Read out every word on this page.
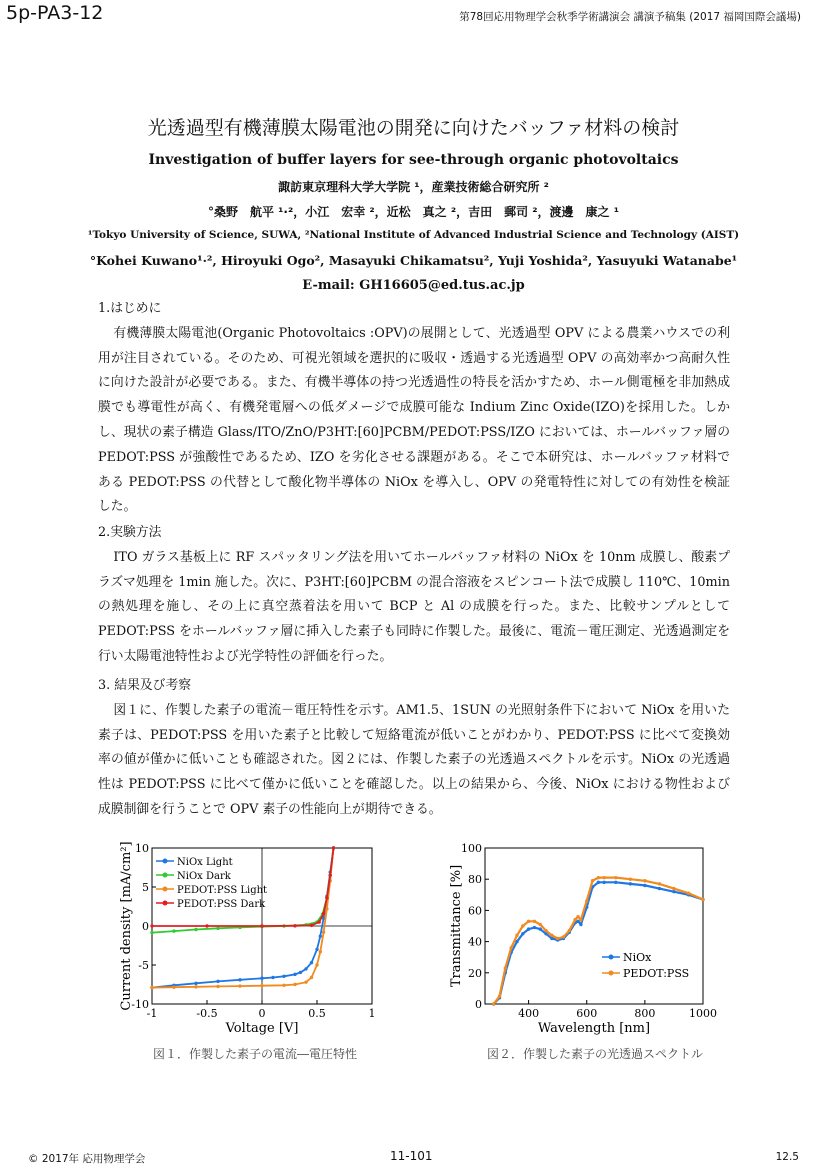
5p-PA3-12	第78回応用物理学会秋季学術講演会 講演予稿集 (2017 福岡国際会議場)
光透過型有機薄膜太陽電池の開発に向けたバッファ材料の検討
Investigation of buffer layers for see-through organic photovoltaics
諏訪東京理科大学大学院 ¹，産業技術総合研究所 ²
°桑野　航平 ¹·²，小江　宏幸 ²，近松　真之 ²，吉田　郵司 ²，渡邊　康之 ¹
¹Tokyo University of Science, SUWA, ²National Institute of Advanced Industrial Science and Technology (AIST)
°Kohei Kuwano¹·², Hiroyuki Ogo², Masayuki Chikamatsu², Yuji Yoshida², Yasuyuki Watanabe¹
E-mail: GH16605@ed.tus.ac.jp
1.はじめに
有機薄膜太陽電池(Organic Photovoltaics :OPV)の展開として、光透過型 OPV による農業ハウスでの利用が注目されている。そのため、可視光領域を選択的に吸収・透過する光透過型 OPV の高効率かつ高耐久性に向けた設計が必要である。また、有機半導体の持つ光透過性の特長を活かすため、ホール側電極を非加熱成膜でも導電性が高く、有機発電層への低ダメージで成膜可能な Indium Zinc Oxide(IZO)を採用した。しかし、現状の素子構造 Glass/ITO/ZnO/P3HT:[60]PCBM/PEDOT:PSS/IZO においては、ホールバッファ層の PEDOT:PSS が強酸性であるため、IZO を劣化させる課題がある。そこで本研究は、ホールバッファ材料である PEDOT:PSS の代替として酸化物半導体の NiOx を導入し、OPV の発電特性に対しての有効性を検証した。
2.実験方法
ITO ガラス基板上に RF スパッタリング法を用いてホールバッファ材料の NiOx を 10nm 成膜し、酸素プラズマ処理を 1min 施した。次に、P3HT:[60]PCBM の混合溶液をスピンコート法で成膜し 110℃、10min の熱処理を施し、その上に真空蒸着法を用いて BCP と Al の成膜を行った。また、比較サンプルとして PEDOT:PSS をホールバッファ層に挿入した素子も同時に作製した。最後に、電流－電圧測定、光透過測定を行い太陽電池特性および光学特性の評価を行った。
3. 結果及び考察
図１に、作製した素子の電流－電圧特性を示す。AM1.5、1SUN の光照射条件下において NiOx を用いた素子は、PEDOT:PSS を用いた素子と比較して短絡電流が低いことがわかり、PEDOT:PSS に比べて変換効率の値が僅かに低いことも確認された。図２には、作製した素子の光透過スペクトルを示す。NiOx の光透過性は PEDOT:PSS に比べて僅かに低いことを確認した。以上の結果から、今後、NiOx における物性および成膜制御を行うことで OPV 素子の性能向上が期待できる。
-1	-0.5	0	0.5	1
10
5
0
-5
-10
Voltage [V]
Current density [mA/cm²]	NiOx Light
NiOx Dark
PEDOT:PSS Light
PEDOT:PSS Dark
図１．作製した素子の電流―電圧特性
400	600	800	1000
100
80
60
40
20
0
Wavelength [nm]
Transmittance [%]	NiOx
PEDOT:PSS
図２．作製した素子の光透過スペクトル
© 2017年 応用物理学会	11-101	12.5
